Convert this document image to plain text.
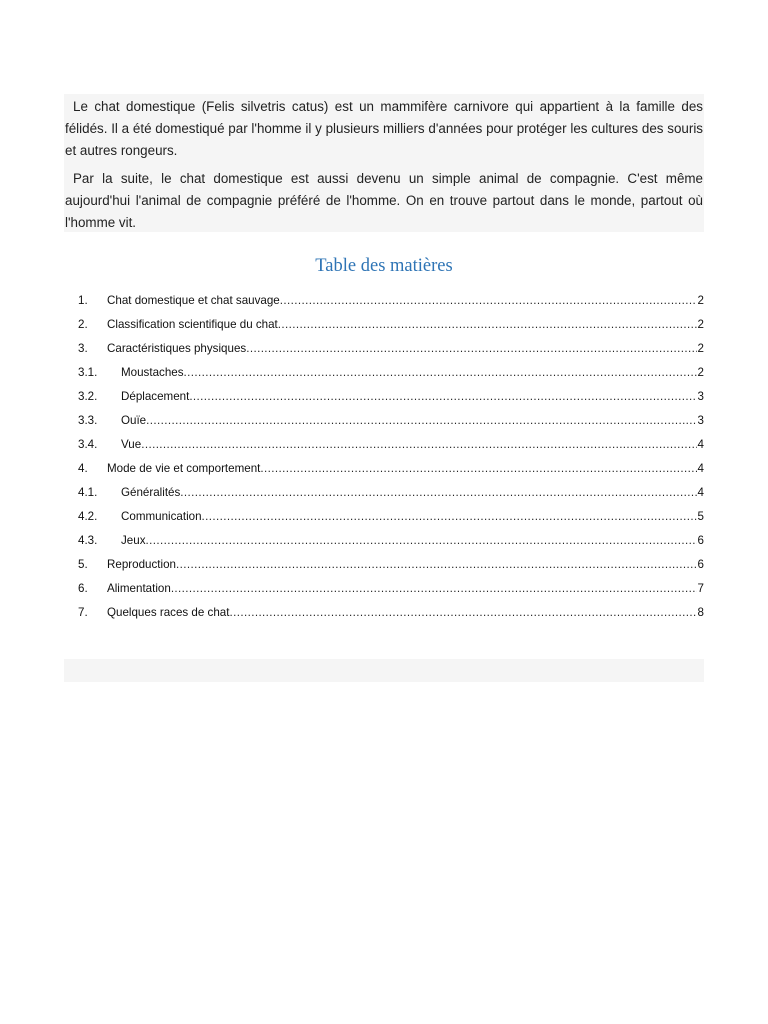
Le chat domestique (Felis silvetris catus) est un mammifère carnivore qui appartient à la famille des félidés. Il a été domestiqué par l'homme il y plusieurs milliers d'années pour protéger les cultures des souris et autres rongeurs.

Par la suite, le chat domestique est aussi devenu un simple animal de compagnie. C'est même aujourd'hui l'animal de compagnie préféré de l'homme. On en trouve partout dans le monde, partout où l'homme vit.

Table des matières
1.	Chat domestique et chat sauvage .....	2
2.	Classification scientifique du chat .....	2
3.	Caractéristiques physiques .....	2
3.1.	Moustaches .....	2
3.2.	Déplacement .....	3
3.3.	Ouïe .....	3
3.4.	Vue .....	4
4.	Mode de vie et comportement .....	4
4.1.	Généralités .....	4
4.2.	Communication .....	5
4.3.	Jeux .....	6
5.	Reproduction .....	6
6.	Alimentation .....	7
7.	Quelques races de chat .....	8
